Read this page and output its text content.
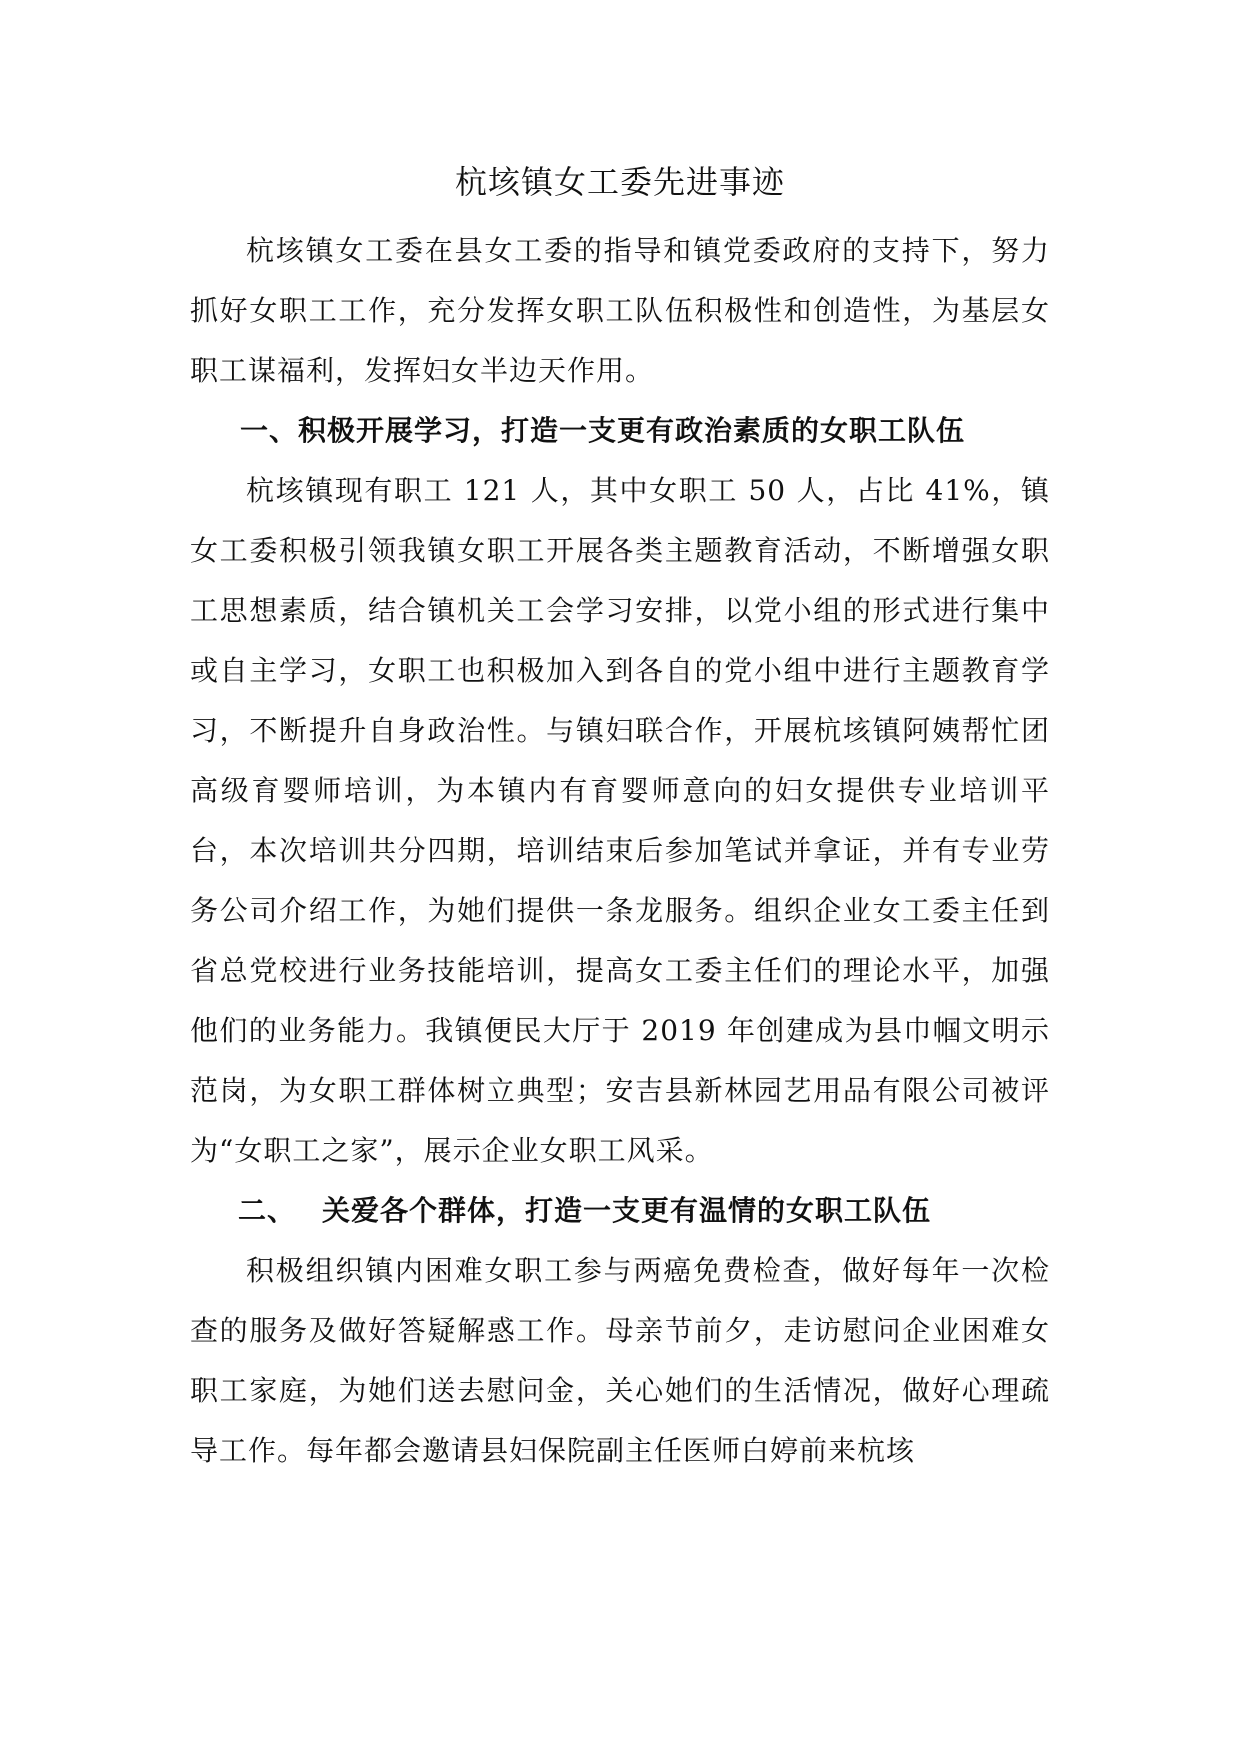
杭垓镇女工委先进事迹

杭垓镇女工委在县女工委的指导和镇党委政府的支持下，努力抓好女职工工作，充分发挥女职工队伍积极性和创造性，为基层女职工谋福利，发挥妇女半边天作用。

一、积极开展学习，打造一支更有政治素质的女职工队伍

杭垓镇现有职工 121 人，其中女职工 50 人，占比 41%，镇女工委积极引领我镇女职工开展各类主题教育活动，不断增强女职工思想素质，结合镇机关工会学习安排，以党小组的形式进行集中或自主学习，女职工也积极加入到各自的党小组中进行主题教育学习，不断提升自身政治性。与镇妇联合作，开展杭垓镇阿姨帮忙团高级育婴师培训，为本镇内有育婴师意向的妇女提供专业培训平台，本次培训共分四期，培训结束后参加笔试并拿证，并有专业劳务公司介绍工作，为她们提供一条龙服务。组织企业女工委主任到省总党校进行业务技能培训，提高女工委主任们的理论水平，加强他们的业务能力。我镇便民大厅于 2019 年创建成为县巾帼文明示范岗，为女职工群体树立典型；安吉县新林园艺用品有限公司被评为“女职工之家”，展示企业女职工风采。

二、 关爱各个群体，打造一支更有温情的女职工队伍

积极组织镇内困难女职工参与两癌免费检查，做好每年一次检查的服务及做好答疑解惑工作。母亲节前夕，走访慰问企业困难女职工家庭，为她们送去慰问金，关心她们的生活情况，做好心理疏导工作。每年都会邀请县妇保院副主任医师白婷前来杭垓
